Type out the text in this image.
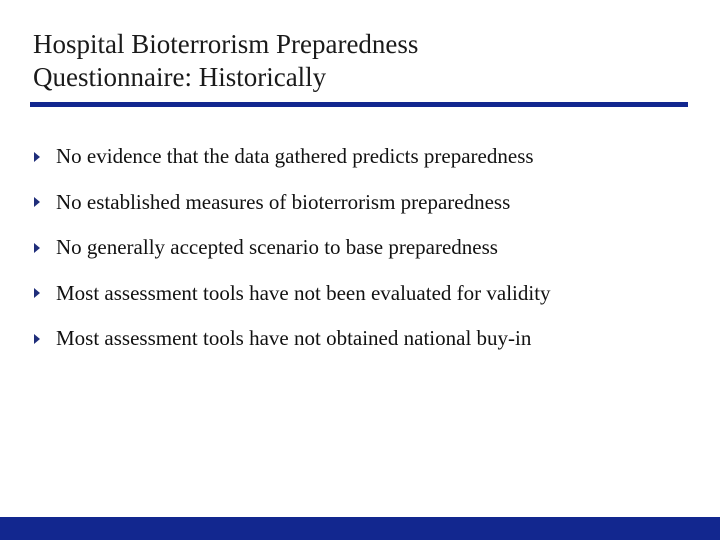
Hospital Bioterrorism Preparedness
Questionnaire: Historically
No evidence that the data gathered predicts preparedness
No established measures of bioterrorism preparedness
No generally accepted scenario to base preparedness
Most assessment tools have not been evaluated for validity
Most assessment tools have not obtained national buy-in
